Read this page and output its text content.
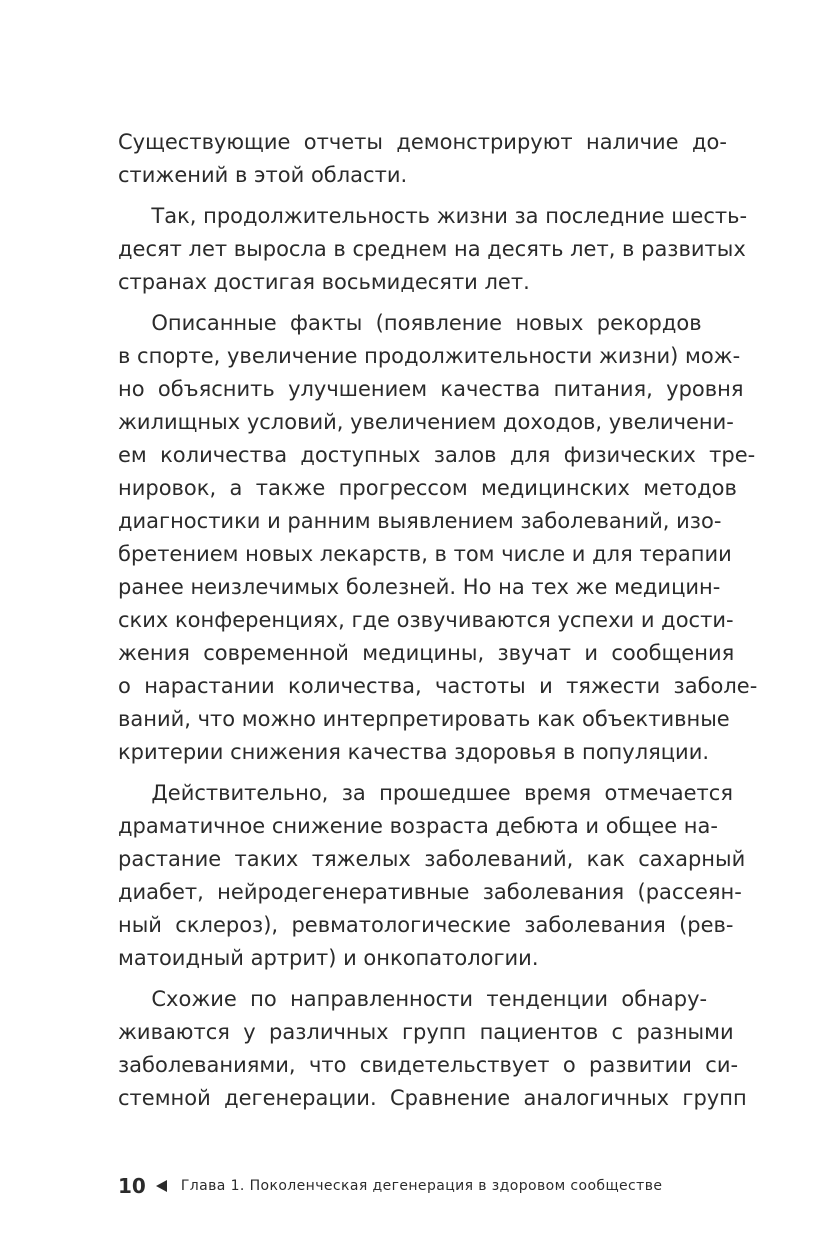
Существующие  отчеты  демонстрируют  наличие  до-
стижений в этой области.
Так, продолжительность жизни за последние шесть-
десят лет выросла в среднем на десять лет, в развитых
странах достигая восьмидесяти лет.
Описанные  факты  (появление  новых  рекордов
в спорте, увеличение продолжительности жизни) мож-
но  объяснить  улучшением  качества  питания,  уровня
жилищных условий, увеличением доходов, увеличени-
ем  количества  доступных  залов  для  физических  тре-
нировок,  а  также  прогрессом  медицинских  методов
диагностики и ранним выявлением заболеваний, изо-
бретением новых лекарств, в том числе и для терапии
ранее неизлечимых болезней. Но на тех же медицин-
ских конференциях, где озвучиваются успехи и дости-
жения  современной  медицины,  звучат  и  сообщения
о  нарастании  количества,  частоты  и  тяжести  заболе-
ваний, что можно интерпретировать как объективные
критерии снижения качества здоровья в популяции.
Действительно,  за  прошедшее  время  отмечается
драматичное снижение возраста дебюта и общее на-
растание  таких  тяжелых  заболеваний,  как  сахарный
диабет,  нейродегенеративные  заболевания  (рассеян-
ный  склероз),  ревматологические  заболевания  (рев-
матоидный артрит) и онкопатологии.
Схожие  по  направленности  тенденции  обнару-
живаются  у  различных  групп  пациентов  с  разными
заболеваниями,  что  свидетельствует  о  развитии  си-
стемной  дегенерации.  Сравнение  аналогичных  групп
10	Глава 1. Поколенческая дегенерация в здоровом сообществе
